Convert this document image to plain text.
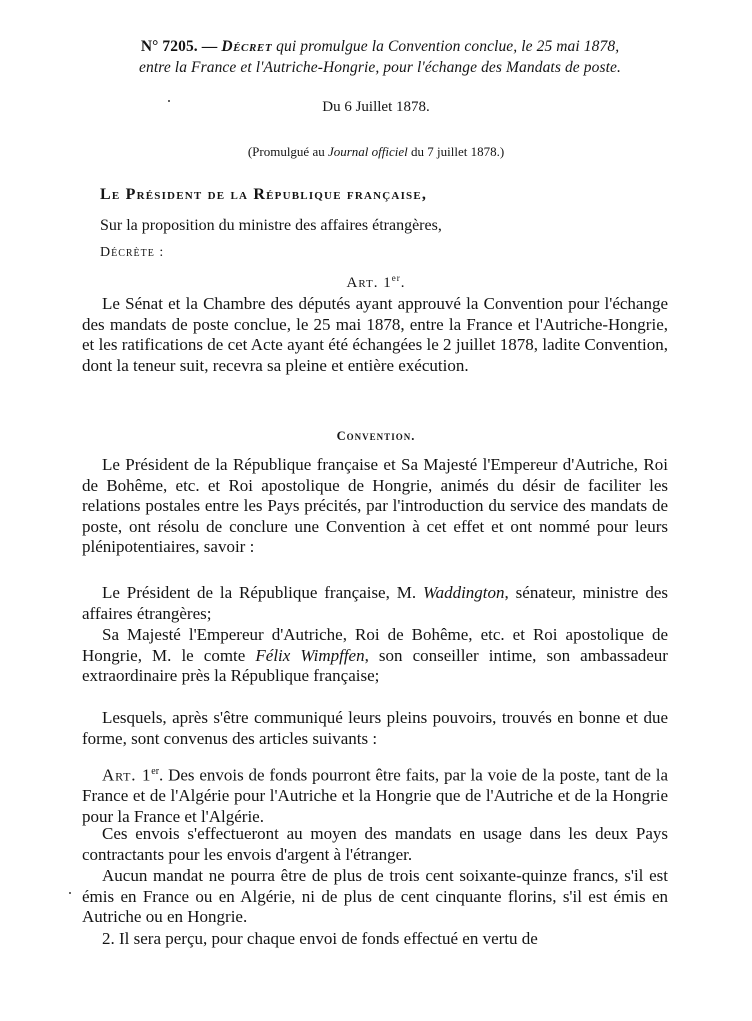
N° 7205. — Décret qui promulgue la Convention conclue, le 25 mai 1878,
entre la France et l'Autriche-Hongrie, pour l'échange des Mandats de poste.
Du 6 Juillet 1878.
(Promulgué au Journal officiel du 7 juillet 1878.)
Le Président de la République française,
Sur la proposition du ministre des affaires étrangères,
Décrète :
Art. 1er.
Le Sénat et la Chambre des députés ayant approuvé la Convention pour l'échange des mandats de poste conclue, le 25 mai 1878, entre la France et l'Autriche-Hongrie, et les ratifications de cet Acte ayant été échangées le 2 juillet 1878, ladite Convention, dont la teneur suit, recevra sa pleine et entière exécution.
Convention.
Le Président de la République française et Sa Majesté l'Empereur d'Autriche, Roi de Bohême, etc. et Roi apostolique de Hongrie, animés du désir de faciliter les relations postales entre les Pays précités, par l'introduction du service des mandats de poste, ont résolu de conclure une Convention à cet effet et ont nommé pour leurs plénipotentiaires, savoir :
Le Président de la République française, M. Waddington, sénateur, ministre des affaires étrangères;
Sa Majesté l'Empereur d'Autriche, Roi de Bohême, etc. et Roi apostolique de Hongrie, M. le comte Félix Wimpffen, son conseiller intime, son ambassadeur extraordinaire près la République française;
Lesquels, après s'être communiqué leurs pleins pouvoirs, trouvés en bonne et due forme, sont convenus des articles suivants :
Art. 1er. Des envois de fonds pourront être faits, par la voie de la poste, tant de la France et de l'Algérie pour l'Autriche et la Hongrie que de l'Autriche et de la Hongrie pour la France et l'Algérie.
Ces envois s'effectueront au moyen des mandats en usage dans les deux Pays contractants pour les envois d'argent à l'étranger.
Aucun mandat ne pourra être de plus de trois cent soixante-quinze francs, s'il est émis en France ou en Algérie, ni de plus de cent cinquante florins, s'il est émis en Autriche ou en Hongrie.
2. Il sera perçu, pour chaque envoi de fonds effectué en vertu de
